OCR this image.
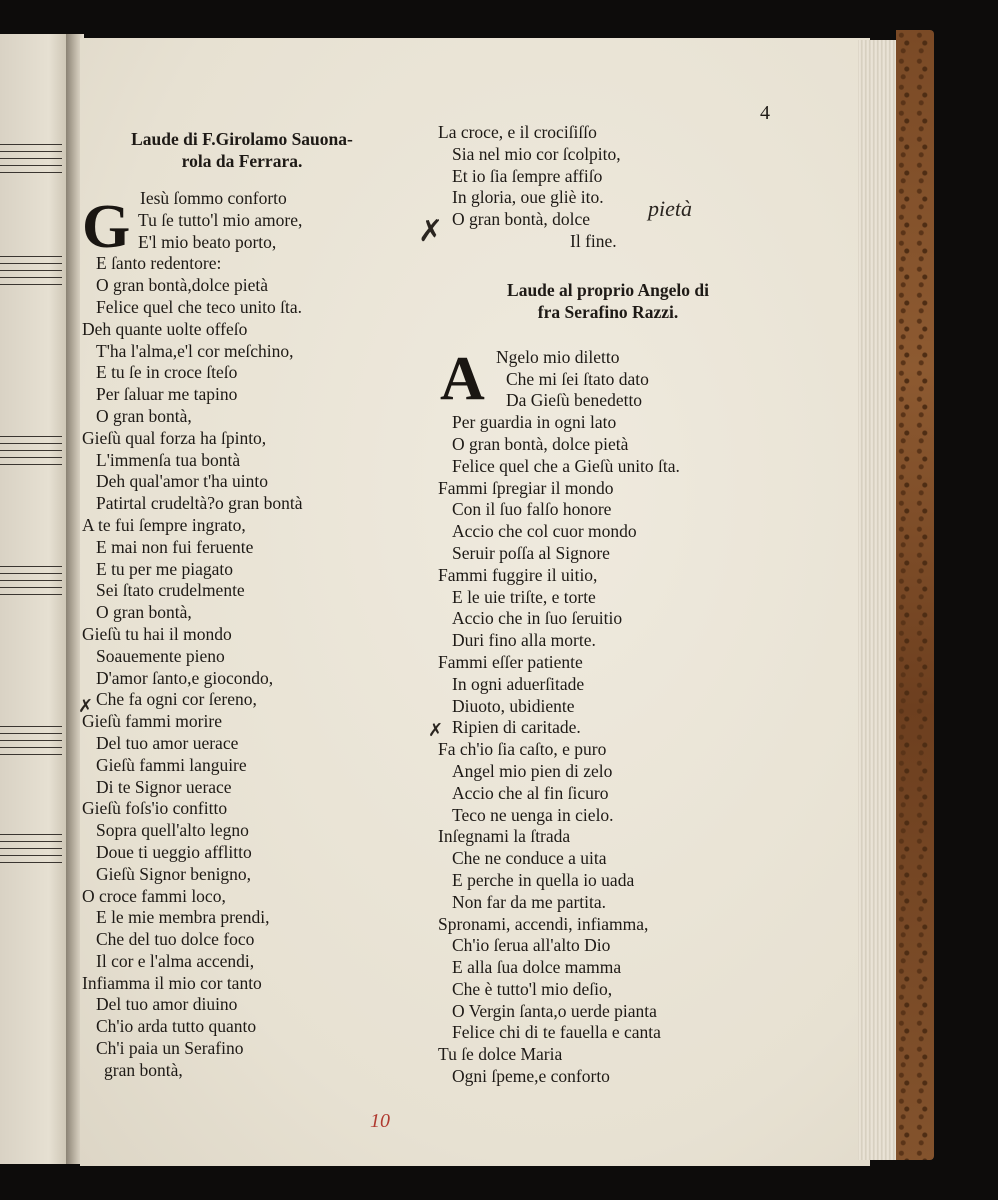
4
Laude di F.Girolamo Sauona-
rola da Ferrara.
G Iesù ſommo conforto
Tu ſe tutto'l mio amore,
E'l mio beato porto,
E ſanto redentore:
O gran bontà,dolce pietà
Felice quel che teco unito ſta.
Deh quante uolte offeſo
T'ha l'alma,e'l cor meſchino,
E tu ſe in croce ſteſo
Per ſaluar me tapino
O gran bontà,
Gieſù qual forza ha ſpinto,
L'immenſa tua bontà
Deh qual'amor t'ha uinto
Patirtal crudeltà?o gran bontà
A te fui ſempre ingrato,
E mai non fui feruente
E tu per me piagato
Sei ſtato crudelmente
O gran bontà,
Gieſù tu hai il mondo
Soauemente pieno
D'amor ſanto,e giocondo,
Che fa ogni cor ſereno,
Gieſù fammi morire
Del tuo amor uerace
Gieſù fammi languire
Di te Signor uerace
Gieſù foſs'io confitto
Sopra quell'alto legno
Doue ti ueggio afflitto
Gieſù Signor benigno,
O croce fammi loco,
E le mie membra prendi,
Che del tuo dolce foco
Il cor e l'alma accendi,
Infiamma il mio cor tanto
Del tuo amor diuino
Ch'io arda tutto quanto
Ch'i paia un Serafino
gran bontà,
✗
La croce, e il crociſiſſo
Sia nel mio cor ſcolpito,
Et io ſia ſempre affiſo
In gloria, oue gliè ito.
O gran bontà, dolce
Il fine.
Laude al proprio Angelo di
fra Serafino Razzi.
A Ngelo mio diletto
Che mi ſei ſtato dato
Da Gieſù benedetto
Per guardia in ogni lato
O gran bontà, dolce pietà
Felice quel che a Gieſù unito ſta.
Fammi ſpregiar il mondo
Con il ſuo falſo honore
Accio che col cuor mondo
Seruir poſſa al Signore
Fammi fuggire il uitio,
E le uie triſte, e torte
Accio che in ſuo ſeruitio
Duri fino alla morte.
Fammi eſſer patiente
In ogni aduerſitade
Diuoto, ubidiente
Ripien di caritade.
Fa ch'io ſia caſto, e puro
Angel mio pien di zelo
Accio che al fin ſicuro
Teco ne uenga in cielo.
Inſegnami la ſtrada
Che ne conduce a uita
E perche in quella io uada
Non far da me partita.
Spronami, accendi, infiamma,
Ch'io ſerua all'alto Dio
E alla ſua dolce mamma
Che è tutto'l mio deſio,
O Vergin ſanta,o uerde pianta
Felice chi di te fauella e canta
Tu ſe dolce Maria
Ogni ſpeme,e conforto
✗
✗
pietà
10
